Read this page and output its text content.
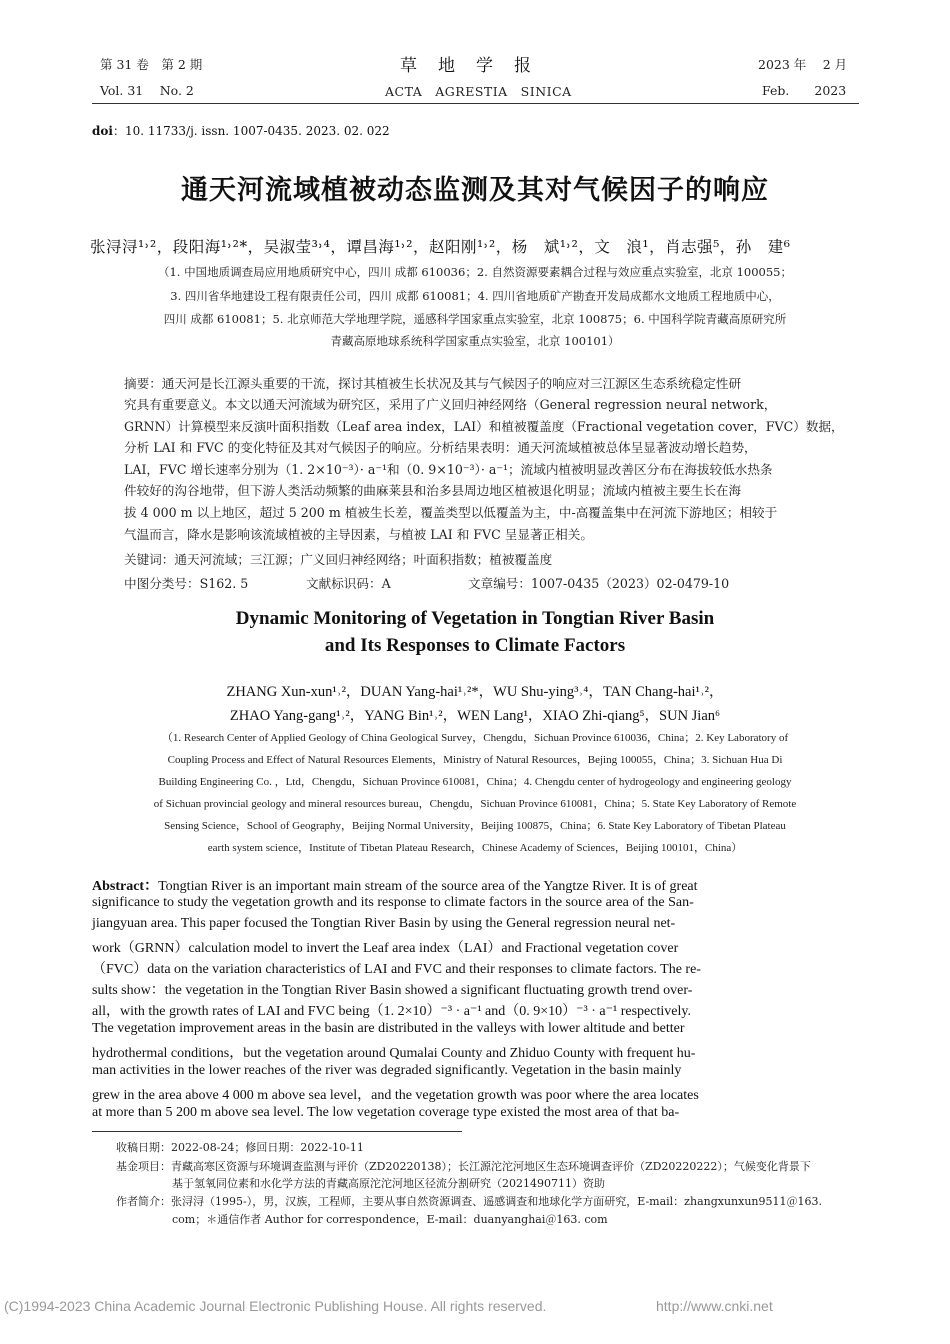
第 31 卷　第 2 期
Vol. 31　 No. 2
草　地　学　报
ACTA　AGRESTIA　SINICA
2023 年　 2 月
Feb.　　2023
doi：10. 11733/j. issn. 1007-0435. 2023. 02. 022
通天河流域植被动态监测及其对气候因子的响应
张浔浔¹˒²，段阳海¹˒²*，吴淑莹³˒⁴，谭昌海¹˒²，赵阳刚¹˒²，杨　斌¹˒²，文　浪¹，肖志强⁵，孙　建⁶
（1. 中国地质调查局应用地质研究中心，四川 成都 610036；2. 自然资源要素耦合过程与效应重点实验室，北京 100055；
3. 四川省华地建设工程有限责任公司，四川 成都 610081；4. 四川省地质矿产勘查开发局成都水文地质工程地质中心，
四川 成都 610081；5. 北京师范大学地理学院，遥感科学国家重点实验室，北京 100875；6. 中国科学院青藏高原研究所
青藏高原地球系统科学国家重点实验室，北京 100101）
摘要：通天河是长江源头重要的干流，探讨其植被生长状况及其与气候因子的响应对三江源区生态系统稳定性研
究具有重要意义。本文以通天河流域为研究区，采用了广义回归神经网络（General regression neural network，
GRNN）计算模型来反演叶面积指数（Leaf area index，LAI）和植被覆盖度（Fractional vegetation cover，FVC）数据，
分析 LAI 和 FVC 的变化特征及其对气候因子的响应。分析结果表明：通天河流域植被总体呈显著波动增长趋势，
LAI，FVC 增长速率分别为（1. 2×10⁻³）· a⁻¹和（0. 9×10⁻³）· a⁻¹；流域内植被明显改善区分布在海拔较低水热条
件较好的沟谷地带，但下游人类活动频繁的曲麻莱县和治多县周边地区植被退化明显；流域内植被主要生长在海
拔 4 000 m 以上地区，超过 5 200 m 植被生长差，覆盖类型以低覆盖为主，中-高覆盖集中在河流下游地区；相较于
气温而言，降水是影响该流域植被的主导因素，与植被 LAI 和 FVC 呈显著正相关。
关键词：通天河流域；三江源；广义回归神经网络；叶面积指数；植被覆盖度
中图分类号：S162. 5	文献标识码：A	文章编号：1007-0435（2023）02-0479-10
Dynamic Monitoring of Vegetation in Tongtian River Basin
and Its Responses to Climate Factors
ZHANG Xun-xun¹˒²，DUAN Yang-hai¹˒²*，WU Shu-ying³˒⁴，TAN Chang-hai¹˒²，
ZHAO Yang-gang¹˒²，YANG Bin¹˒²，WEN Lang¹，XIAO Zhi-qiang⁵，SUN Jian⁶
（1. Research Center of Applied Geology of China Geological Survey，Chengdu，Sichuan Province 610036，China；2. Key Laboratory of
Coupling Process and Effect of Natural Resources Elements，Ministry of Natural Resources，Bejing 100055，China；3. Sichuan Hua Di
Building Engineering Co. ，Ltd，Chengdu，Sichuan Province 610081，China；4. Chengdu center of hydrogeology and engineering geology
of Sichuan provincial geology and mineral resources bureau，Chengdu，Sichuan Province 610081，China；5. State Key Laboratory of Remote
Sensing Science，School of Geography，Beijing Normal University，Beijing 100875，China；6. State Key Laboratory of Tibetan Plateau
earth system science，Institute of Tibetan Plateau Research，Chinese Academy of Sciences，Beijing 100101，China）
Abstract：Tongtian River is an important main stream of the source area of the Yangtze River. It is of great
significance to study the vegetation growth and its response to climate factors in the source area of the San-
jiangyuan area. This paper focused the Tongtian River Basin by using the General regression neural net-
work（GRNN）calculation model to invert the Leaf area index（LAI）and Fractional vegetation cover
（FVC）data on the variation characteristics of LAI and FVC and their responses to climate factors. The re-
sults show：the vegetation in the Tongtian River Basin showed a significant fluctuating growth trend over-
all，with the growth rates of LAI and FVC being（1. 2×10）⁻³ · a⁻¹ and（0. 9×10）⁻³ · a⁻¹ respectively.
The vegetation improvement areas in the basin are distributed in the valleys with lower altitude and better
hydrothermal conditions，but the vegetation around Qumalai County and Zhiduo County with frequent hu-
man activities in the lower reaches of the river was degraded significantly. Vegetation in the basin mainly
grew in the area above 4 000 m above sea level，and the vegetation growth was poor where the area locates
at more than 5 200 m above sea level. The low vegetation coverage type existed the most area of that ba-
收稿日期：2022-08-24；修回日期：2022-10-11
基金项目：青藏高寒区资源与环境调查监测与评价（ZD20220138）；长江源沱沱河地区生态环境调查评价（ZD20220222）；气候变化背景下
基于氢氧同位素和水化学方法的青藏高原沱沱河地区径流分割研究（2021490711）资助
作者简介：张浔浔（1995-），男，汉族，工程师，主要从事自然资源调查、遥感调查和地球化学方面研究，E-mail：zhangxunxun9511＠163.
com；＊通信作者 Author for correspondence，E-mail：duanyanghai＠163. com
(C)1994-2023 China Academic Journal Electronic Publishing House. All rights reserved.	http://www.cnki.net
